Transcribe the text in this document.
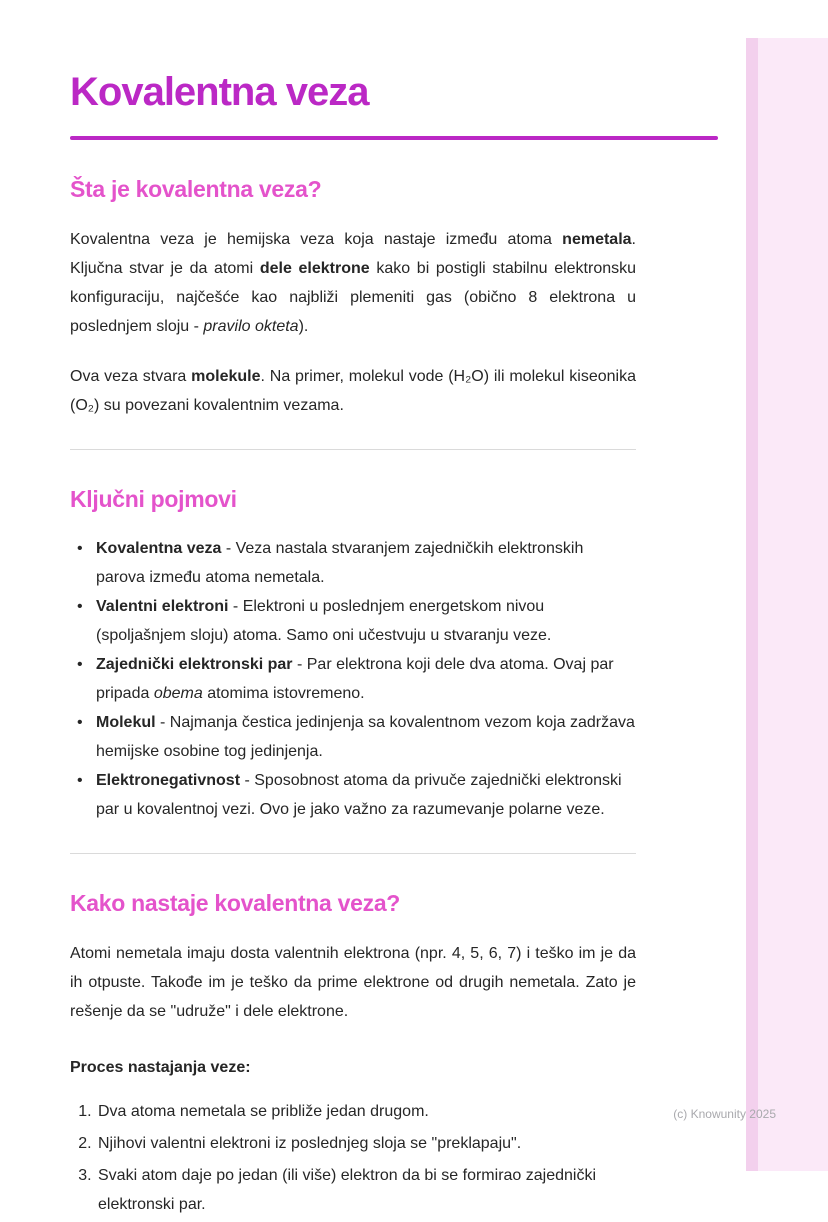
Kovalentna veza
Šta je kovalentna veza?

Kovalentna veza je hemijska veza koja nastaje između atoma nemetala. Ključna stvar je da atomi dele elektrone kako bi postigli stabilnu elektronsku konfiguraciju, najčešće kao najbliži plemeniti gas (obično 8 elektrona u poslednjem sloju - pravilo okteta).

Ova veza stvara molekule. Na primer, molekul vode (H₂O) ili molekul kiseonika (O₂) su povezani kovalentnim vezama.

Ključni pojmovi
• Kovalentna veza - Veza nastala stvaranjem zajedničkih elektronskih parova između atoma nemetala.
• Valentni elektroni - Elektroni u poslednjem energetskom nivou (spoljašnjem sloju) atoma. Samo oni učestvuju u stvaranju veze.
• Zajednički elektronski par - Par elektrona koji dele dva atoma. Ovaj par pripada obema atomima istovremeno.
• Molekul - Najmanja čestica jedinjenja sa kovalentnom vezom koja zadržava hemijske osobine tog jedinjenja.
• Elektronegativnost - Sposobnost atoma da privuče zajednički elektronski par u kovalentnoj vezi. Ovo je jako važno za razumevanje polarne veze.
Kako nastaje kovalentna veza?

Atomi nemetala imaju dosta valentnih elektrona (npr. 4, 5, 6, 7) i teško im je da ih otpuste. Takođe im je teško da prime elektrone od drugih nemetala. Zato je rešenje da se "udruže" i dele elektrone.

Proces nastajanja veze:

1. Dva atoma nemetala se približe jedan drugom.
2. Njihovi valentni elektroni iz poslednjeg sloja se "preklapaju".
3. Svaki atom daje po jedan (ili više) elektron da bi se formirao zajednički elektronski par.
(c) Knowunity 2025
